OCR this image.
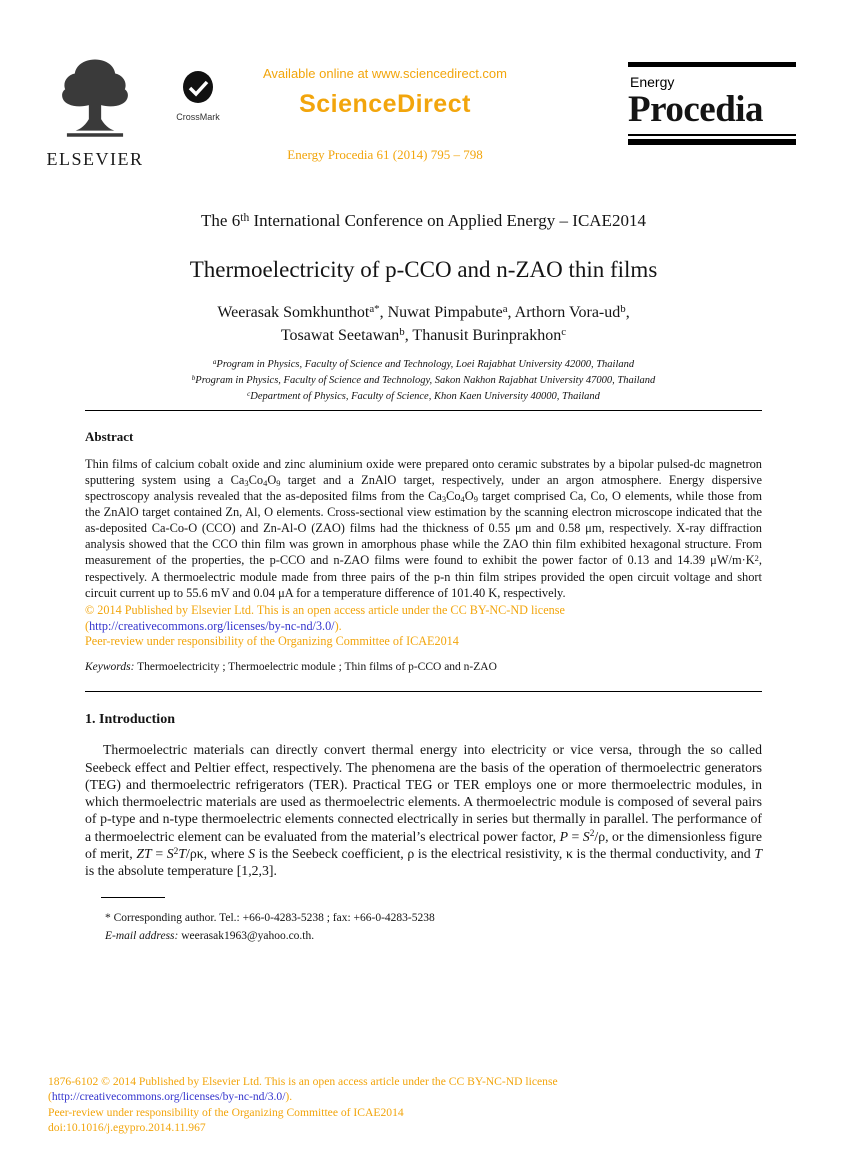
ELSEVIER
CrossMark
Available online at www.sciencedirect.com
ScienceDirect
Energy Procedia 61 (2014) 795 – 798
Energy
Procedia
The 6th International Conference on Applied Energy – ICAE2014
Thermoelectricity of p-CCO and n-ZAO thin films
Weerasak Somkhunthot$^{a*}$, Nuwat Pimpabute$^a$, Arthorn Vora-$ud^b$,
Tosawat Seetawan$^b$, Thanusit Burinprakhon$^c$
$^a$Program in Physics, Faculty of Science and Technology, Loei Rajabhat University 42000, Thailand
$^b$Program in Physics, Faculty of Science and Technology, Sakon Nakhon Rajabhat University 47000, Thailand
$^c$Department of Physics, Faculty of Science, Khon Kaen University 40000, Thailand
Abstract

Thin films of calcium cobalt oxide and zinc aluminium oxide were prepared onto ceramic substrates by a bipolar pulsed-dc magnetron sputtering system using a Ca3Co4O9 target and a ZnAlO target, respectively, under an argon atmosphere. Energy dispersive spectroscopy analysis revealed that the as-deposited films from the Ca3Co4O9 target comprised Ca, Co, O elements, while those from the ZnAlO target contained Zn, Al, O elements. Cross-sectional view estimation by the scanning electron microscope indicated that the as-deposited Ca-Co-O (CCO) and Zn-Al-O (ZAO) films had the thickness of 0.55 μm and 0.58 μm, respectively. X-ray diffraction analysis showed that the CCO thin film was grown in amorphous phase while the ZAO thin film exhibited hexagonal structure. From measurement of the properties, the p-CCO and n-ZAO films were found to exhibit the power factor of 0.13 and 14.39 $\mu W/m\cdot K^2$, respectively. A thermoelectric module made from three pairs of the p-n thin film stripes provided the open circuit voltage and short circuit current up to 55.6 mV and 0.04 μA for a temperature difference of 101.40 K, respectively.

© 2014 Published by Elsevier Ltd. This is an open access article under the CC BY-NC-ND license
(http://creativecommons.org/licenses/by-nc-nd/3.0/).
Peer-review under responsibility of the Organizing Committee of ICAE2014
Keywords: Thermoelectricity ; Thermoelectric module ; Thin films of p-CCO and n-ZAO
1. Introduction

Thermoelectric materials can directly convert thermal energy into electricity or vice versa, through the so called Seebeck effect and Peltier effect, respectively. The phenomena are the basis of the operation of thermoelectric generators (TEG) and thermoelectric refrigerators (TER). Practical TEG or TER employs one or more thermoelectric modules, in which thermoelectric materials are used as thermoelectric elements. A thermoelectric module is composed of several pairs of p-type and n-type thermoelectric elements connected electrically in series but thermally in parallel. The performance of a thermoelectric element can be evaluated from the material’s electrical power factor, $P = S^2/\rho$, or the dimensionless figure of merit, ZT = $S^2T/\rho\kappa$, where S is the Seebeck coefficient, ρ is the electrical resistivity, κ is the thermal conductivity, and T is the absolute temperature [1,2,3].

* Corresponding author. Tel.: +66-0-4283-5238 ; fax: +66-0-4283-5238
E-mail address: weerasak1963@yahoo.co.th.
1876-6102 © 2014 Published by Elsevier Ltd. This is an open access article under the CC BY-NC-ND license
(http://creativecommons.org/licenses/by-nc-nd/3.0/).
Peer-review under responsibility of the Organizing Committee of ICAE2014
doi:10.1016/j.egypro.2014.11.967
